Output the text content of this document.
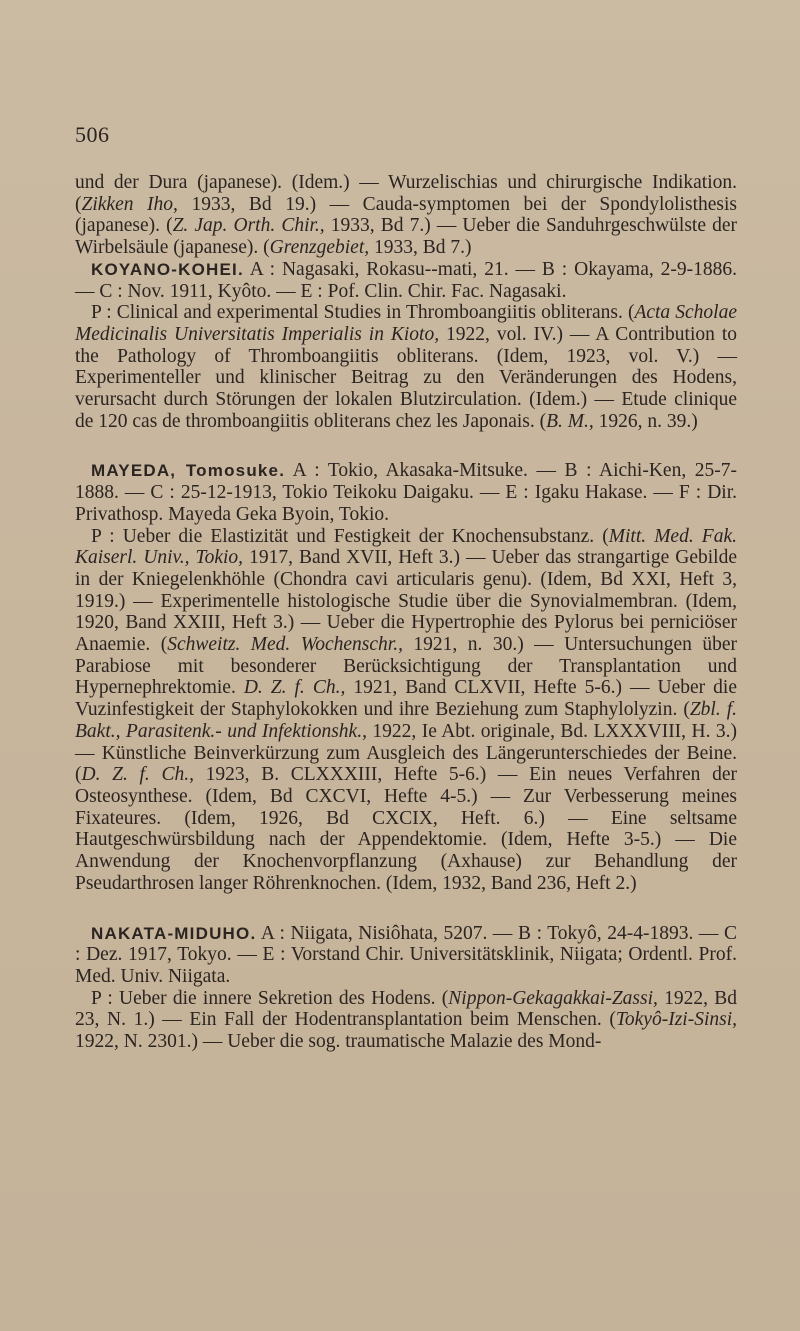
506

und der Dura (japanese). (Idem.) — Wurzelischias und chirurgische Indikation. (Zikken Iho, 1933, Bd 19.) — Cauda-symptomen bei der Spondylolisthesis (japanese). (Z. Jap. Orth. Chir., 1933, Bd 7.) — Ueber die Sanduhrgeschwülste der Wirbelsäule (japanese). (Grenzgebiet, 1933, Bd 7.)

KOYANO-KOHEI. A : Nagasaki, Rokasu--mati, 21. — B : Okayama, 2-9-1886. — C : Nov. 1911, Kyôto. — E : Pof. Clin. Chir. Fac. Nagasaki.

P : Clinical and experimental Studies in Thromboangiitis obliterans. (Acta Scholae Medicinalis Universitatis Imperialis in Kioto, 1922, vol. IV.) — A Contribution to the Pathology of Thromboangiitis obliterans. (Idem, 1923, vol. V.) — Experimenteller und klinischer Beitrag zu den Veränderungen des Hodens, verursacht durch Störungen der lokalen Blutzirculation. (Idem.) — Etude clinique de 120 cas de thromboangiitis obliterans chez les Japonais. (B. M., 1926, n. 39.)

MAYEDA, Tomosuke. A : Tokio, Akasaka-Mitsuke. — B : Aichi-Ken, 25-7-1888. — C : 25-12-1913, Tokio Teikoku Daigaku. — E : Igaku Hakase. — F : Dir. Privathosp. Mayeda Geka Byoin, Tokio.

P : Ueber die Elastizität und Festigkeit der Knochensubstanz. (Mitt. Med. Fak. Kaiserl. Univ., Tokio, 1917, Band XVII, Heft 3.) — Ueber das strangartige Gebilde in der Kniegelenkhöhle (Chondra cavi articularis genu). (Idem, Bd XXI, Heft 3, 1919.) — Experimentelle histologische Studie über die Synovialmembran. (Idem, 1920, Band XXIII, Heft 3.) — Ueber die Hypertrophie des Pylorus bei perniciöser Anaemie. (Schweitz. Med. Wochenschr., 1921, n. 30.) — Untersuchungen über Parabiose mit besonderer Berücksichtigung der Transplantation und Hypernephrektomie. D. Z. f. Ch., 1921, Band CLXVII, Hefte 5-6.) — Ueber die Vuzinfestigkeit der Staphylokokken und ihre Beziehung zum Staphylolyzin. (Zbl. f. Bakt., Parasitenk.- und Infektionshk., 1922, Ie Abt. originale, Bd. LXXXVIII, H. 3.) — Künstliche Beinverkürzung zum Ausgleich des Längerunterschiedes der Beine. (D. Z. f. Ch., 1923, B. CLXXXIII, Hefte 5-6.) — Ein neues Verfahren der Osteosynthese. (Idem, Bd CXCVI, Hefte 4-5.) — Zur Verbesserung meines Fixateures. (Idem, 1926, Bd CXCIX, Heft. 6.) — Eine seltsame Hautgeschwürsbildung nach der Appendektomie. (Idem, Hefte 3-5.) — Die Anwendung der Knochenvorpflanzung (Axhause) zur Behandlung der Pseudarthrosen langer Röhrenknochen. (Idem, 1932, Band 236, Heft 2.)

NAKATA-MIDUHO. A : Niigata, Nisiôhata, 5207. — B : Tokyô, 24-4-1893. — C : Dez. 1917, Tokyo. — E : Vorstand Chir. Universitätsklinik, Niigata; Ordentl. Prof. Med. Univ. Niigata.

P : Ueber die innere Sekretion des Hodens. (Nippon-Gekagakkai-Zassi, 1922, Bd 23, N. 1.) — Ein Fall der Hodentransplantation beim Menschen. (Tokyô-Izi-Sinsi, 1922, N. 2301.) — Ueber die sog. traumatische Malazie des Mond-
